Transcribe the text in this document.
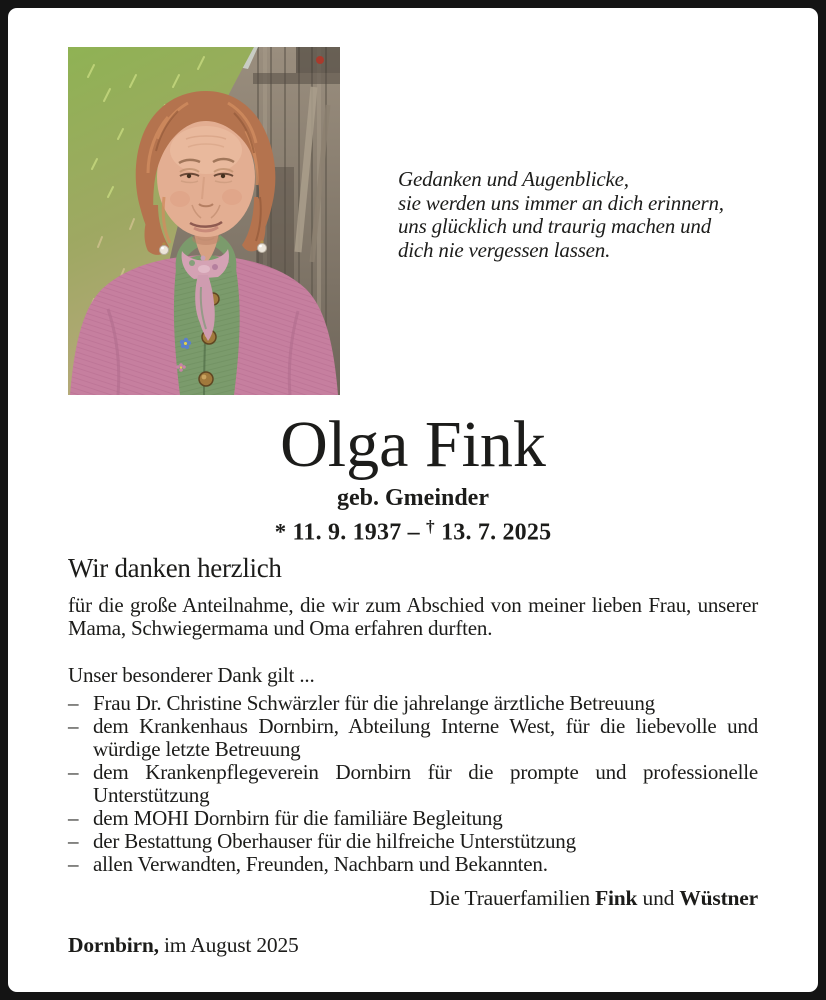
Gedanken und Augenblicke,
sie werden uns immer an dich erinnern,
uns glücklich und traurig machen und
dich nie vergessen lassen.
Olga Fink
geb. Gmeinder
* 11. 9. 1937 – † 13. 7. 2025
Wir danken herzlich

für die große Anteilnahme, die wir zum Abschied von meiner lieben Frau, unserer Mama, Schwiegermama und Oma erfahren durften.

Unser besonderer Dank gilt ...

– Frau Dr. Christine Schwärzler für die jahrelange ärztliche Betreuung
– dem Krankenhaus Dornbirn, Abteilung Interne West, für die liebevolle und würdige letzte Betreuung
– dem Krankenpflegeverein Dornbirn für die prompte und professionelle Unterstützung
– dem MOHI Dornbirn für die familiäre Begleitung
– der Bestattung Oberhauser für die hilfreiche Unterstützung
– allen Verwandten, Freunden, Nachbarn und Bekannten.
Die Trauerfamilien Fink und Wüstner
Dornbirn, im August 2025
